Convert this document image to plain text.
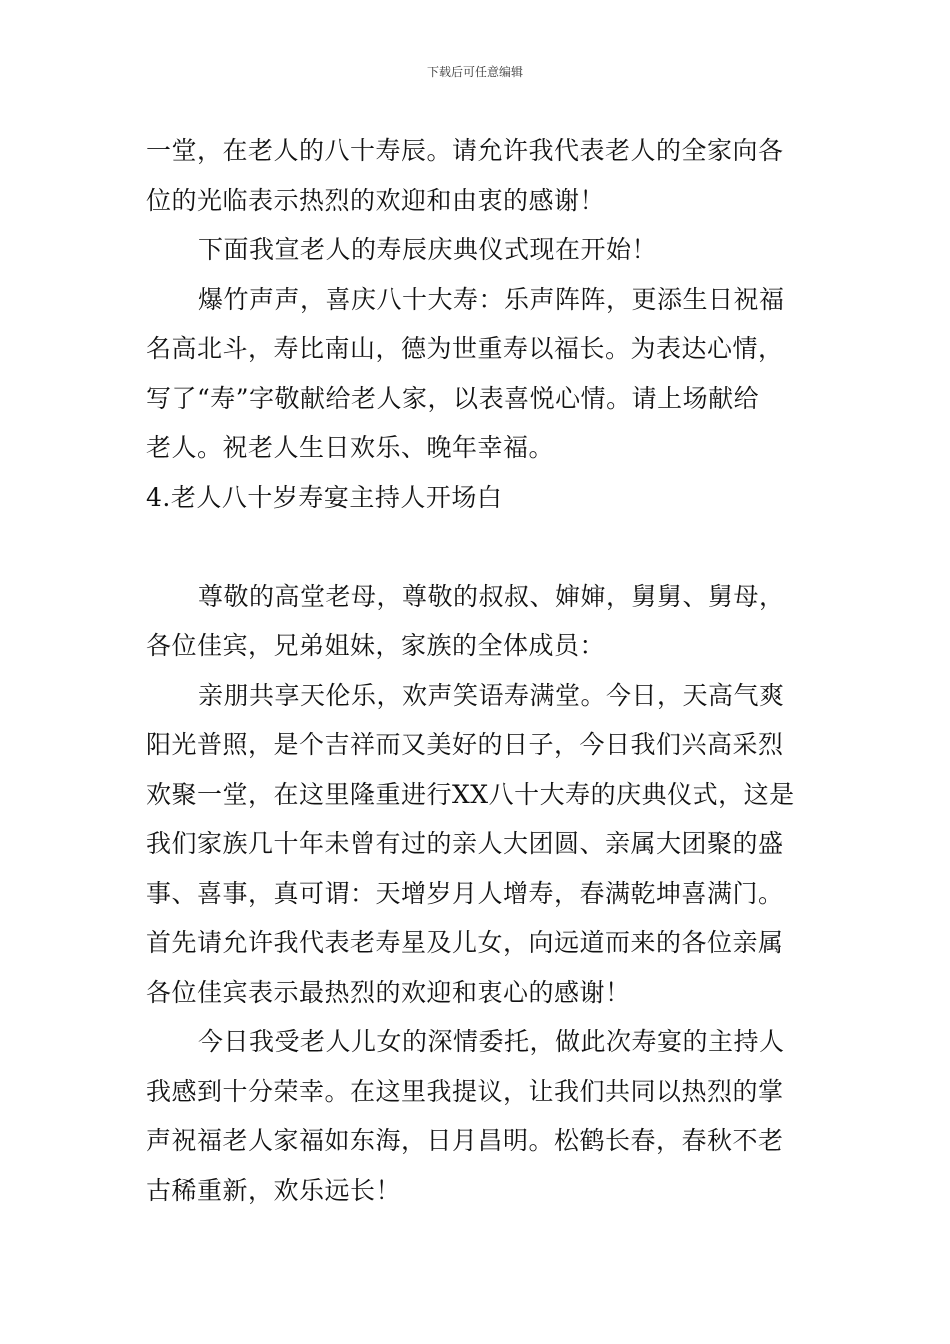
下载后可任意编辑
一堂，在老人的八十寿辰。请允许我代表老人的全家向各
位的光临表示热烈的欢迎和由衷的感谢！
下面我宣老人的寿辰庆典仪式现在开始！
爆竹声声，喜庆八十大寿：乐声阵阵，更添生日祝福
名高北斗，寿比南山，德为世重寿以福长。为表达心情，
写了“寿”字敬献给老人家，以表喜悦心情。请上场献给
老人。祝老人生日欢乐、晚年幸福。
4.老人八十岁寿宴主持人开场白
尊敬的高堂老母，尊敬的叔叔、婶婶，舅舅、舅母，
各位佳宾，兄弟姐妹，家族的全体成员：
亲朋共享天伦乐，欢声笑语寿满堂。今日，天高气爽
阳光普照，是个吉祥而又美好的日子，今日我们兴高采烈
欢聚一堂，在这里隆重进行XX八十大寿的庆典仪式，这是
我们家族几十年未曾有过的亲人大团圆、亲属大团聚的盛
事、喜事，真可谓：天增岁月人增寿，春满乾坤喜满门。
首先请允许我代表老寿星及儿女，向远道而来的各位亲属
各位佳宾表示最热烈的欢迎和衷心的感谢！
今日我受老人儿女的深情委托，做此次寿宴的主持人
我感到十分荣幸。在这里我提议，让我们共同以热烈的掌
声祝福老人家福如东海，日月昌明。松鹤长春，春秋不老
古稀重新，欢乐远长！
